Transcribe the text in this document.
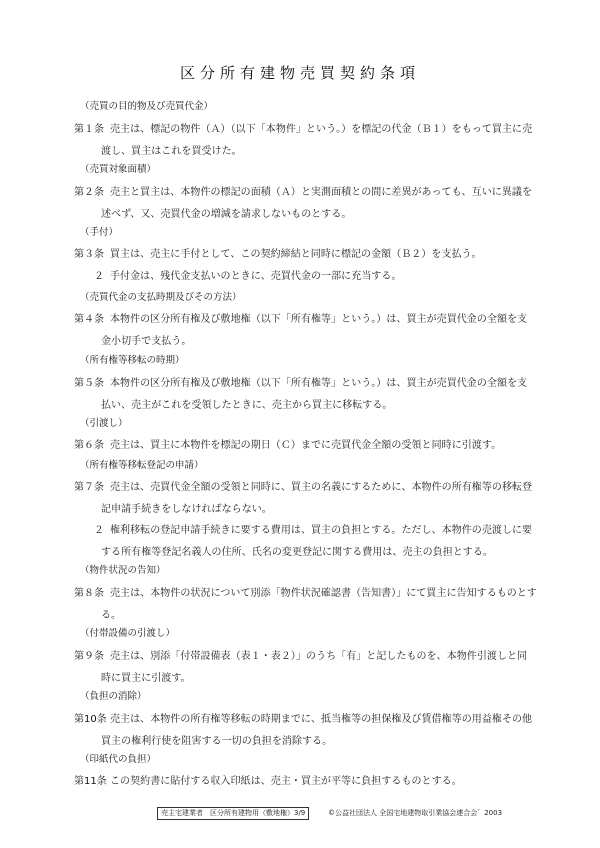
区分所有建物売買契約条項
（売買の目的物及び売買代金）
第１条 売主は、標記の物件（Ａ）（以下「本物件」という。）を標記の代金（Ｂ１）をもって買主に売
渡し、買主はこれを買受けた。
（売買対象面積）
第２条 売主と買主は、本物件の標記の面積（Ａ）と実測面積との間に差異があっても、互いに異議を
述べず、又、売買代金の増減を請求しないものとする。
（手付）
第３条 買主は、売主に手付として、この契約締結と同時に標記の金額（Ｂ２）を支払う。
２ 手付金は、残代金支払いのときに、売買代金の一部に充当する。
（売買代金の支払時期及びその方法）
第４条 本物件の区分所有権及び敷地権（以下「所有権等」という。）は、買主が売買代金の全額を支
金小切手で支払う。
（所有権等移転の時期）
第５条 本物件の区分所有権及び敷地権（以下「所有権等」という。）は、買主が売買代金の全額を支
払い、売主がこれを受領したときに、売主から買主に移転する。
（引渡し）
第６条 売主は、買主に本物件を標記の期日（Ｃ）までに売買代金全額の受領と同時に引渡す。
（所有権等移転登記の申請）
第７条 売主は、売買代金全額の受領と同時に、買主の名義にするために、本物件の所有権等の移転登
記申請手続きをしなければならない。
２ 権利移転の登記申請手続きに要する費用は、買主の負担とする。ただし、本物件の売渡しに要
する所有権等登記名義人の住所、氏名の変更登記に関する費用は、売主の負担とする。
（物件状況の告知）
第８条 売主は、本物件の状況について別添「物件状況確認書（告知書）」にて買主に告知するものとす
る。
（付帯設備の引渡し）
第９条 売主は、別添「付帯設備表（表１・表２）」のうち「有」と記したものを、本物件引渡しと同
時に買主に引渡す。
（負担の消除）
第10条 売主は、本物件の所有権等移転の時期までに、抵当権等の担保権及び賃借権等の用益権その他
買主の権利行使を阻害する一切の負担を消除する。
（印紙代の負担）
第11条 この契約書に貼付する収入印紙は、売主・買主が平等に負担するものとする。
売主宅建業者　区分所有建物用（敷地権）3/9	©公益社団法人 全国宅地建物取引業協会連合会゛2003
